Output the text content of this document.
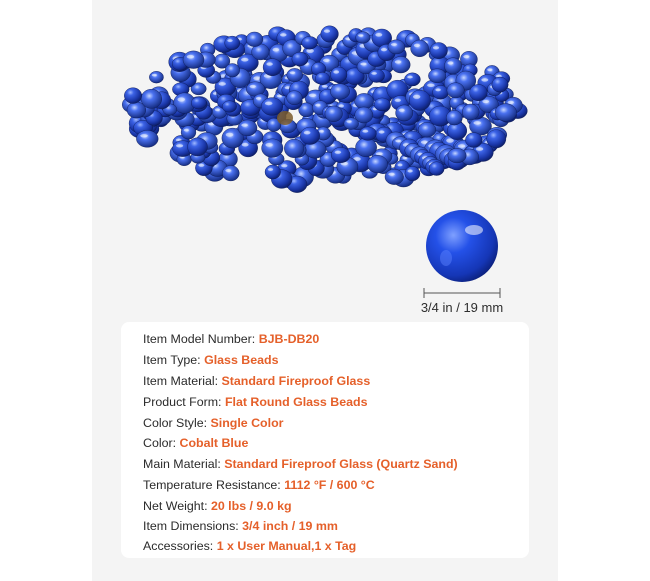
3/4 in / 19 mm
Item Model Number: BJB-DB20
Item Type: Glass Beads
Item Material: Standard Fireproof Glass
Product Form: Flat Round Glass Beads
Color Style: Single Color
Color: Cobalt Blue
Main Material: Standard Fireproof Glass (Quartz Sand)
Temperature Resistance: 1112 °F / 600 °C
Net Weight: 20 lbs / 9.0 kg
Item Dimensions: 3/4 inch / 19 mm
Accessories: 1 x User Manual,1 x Tag
